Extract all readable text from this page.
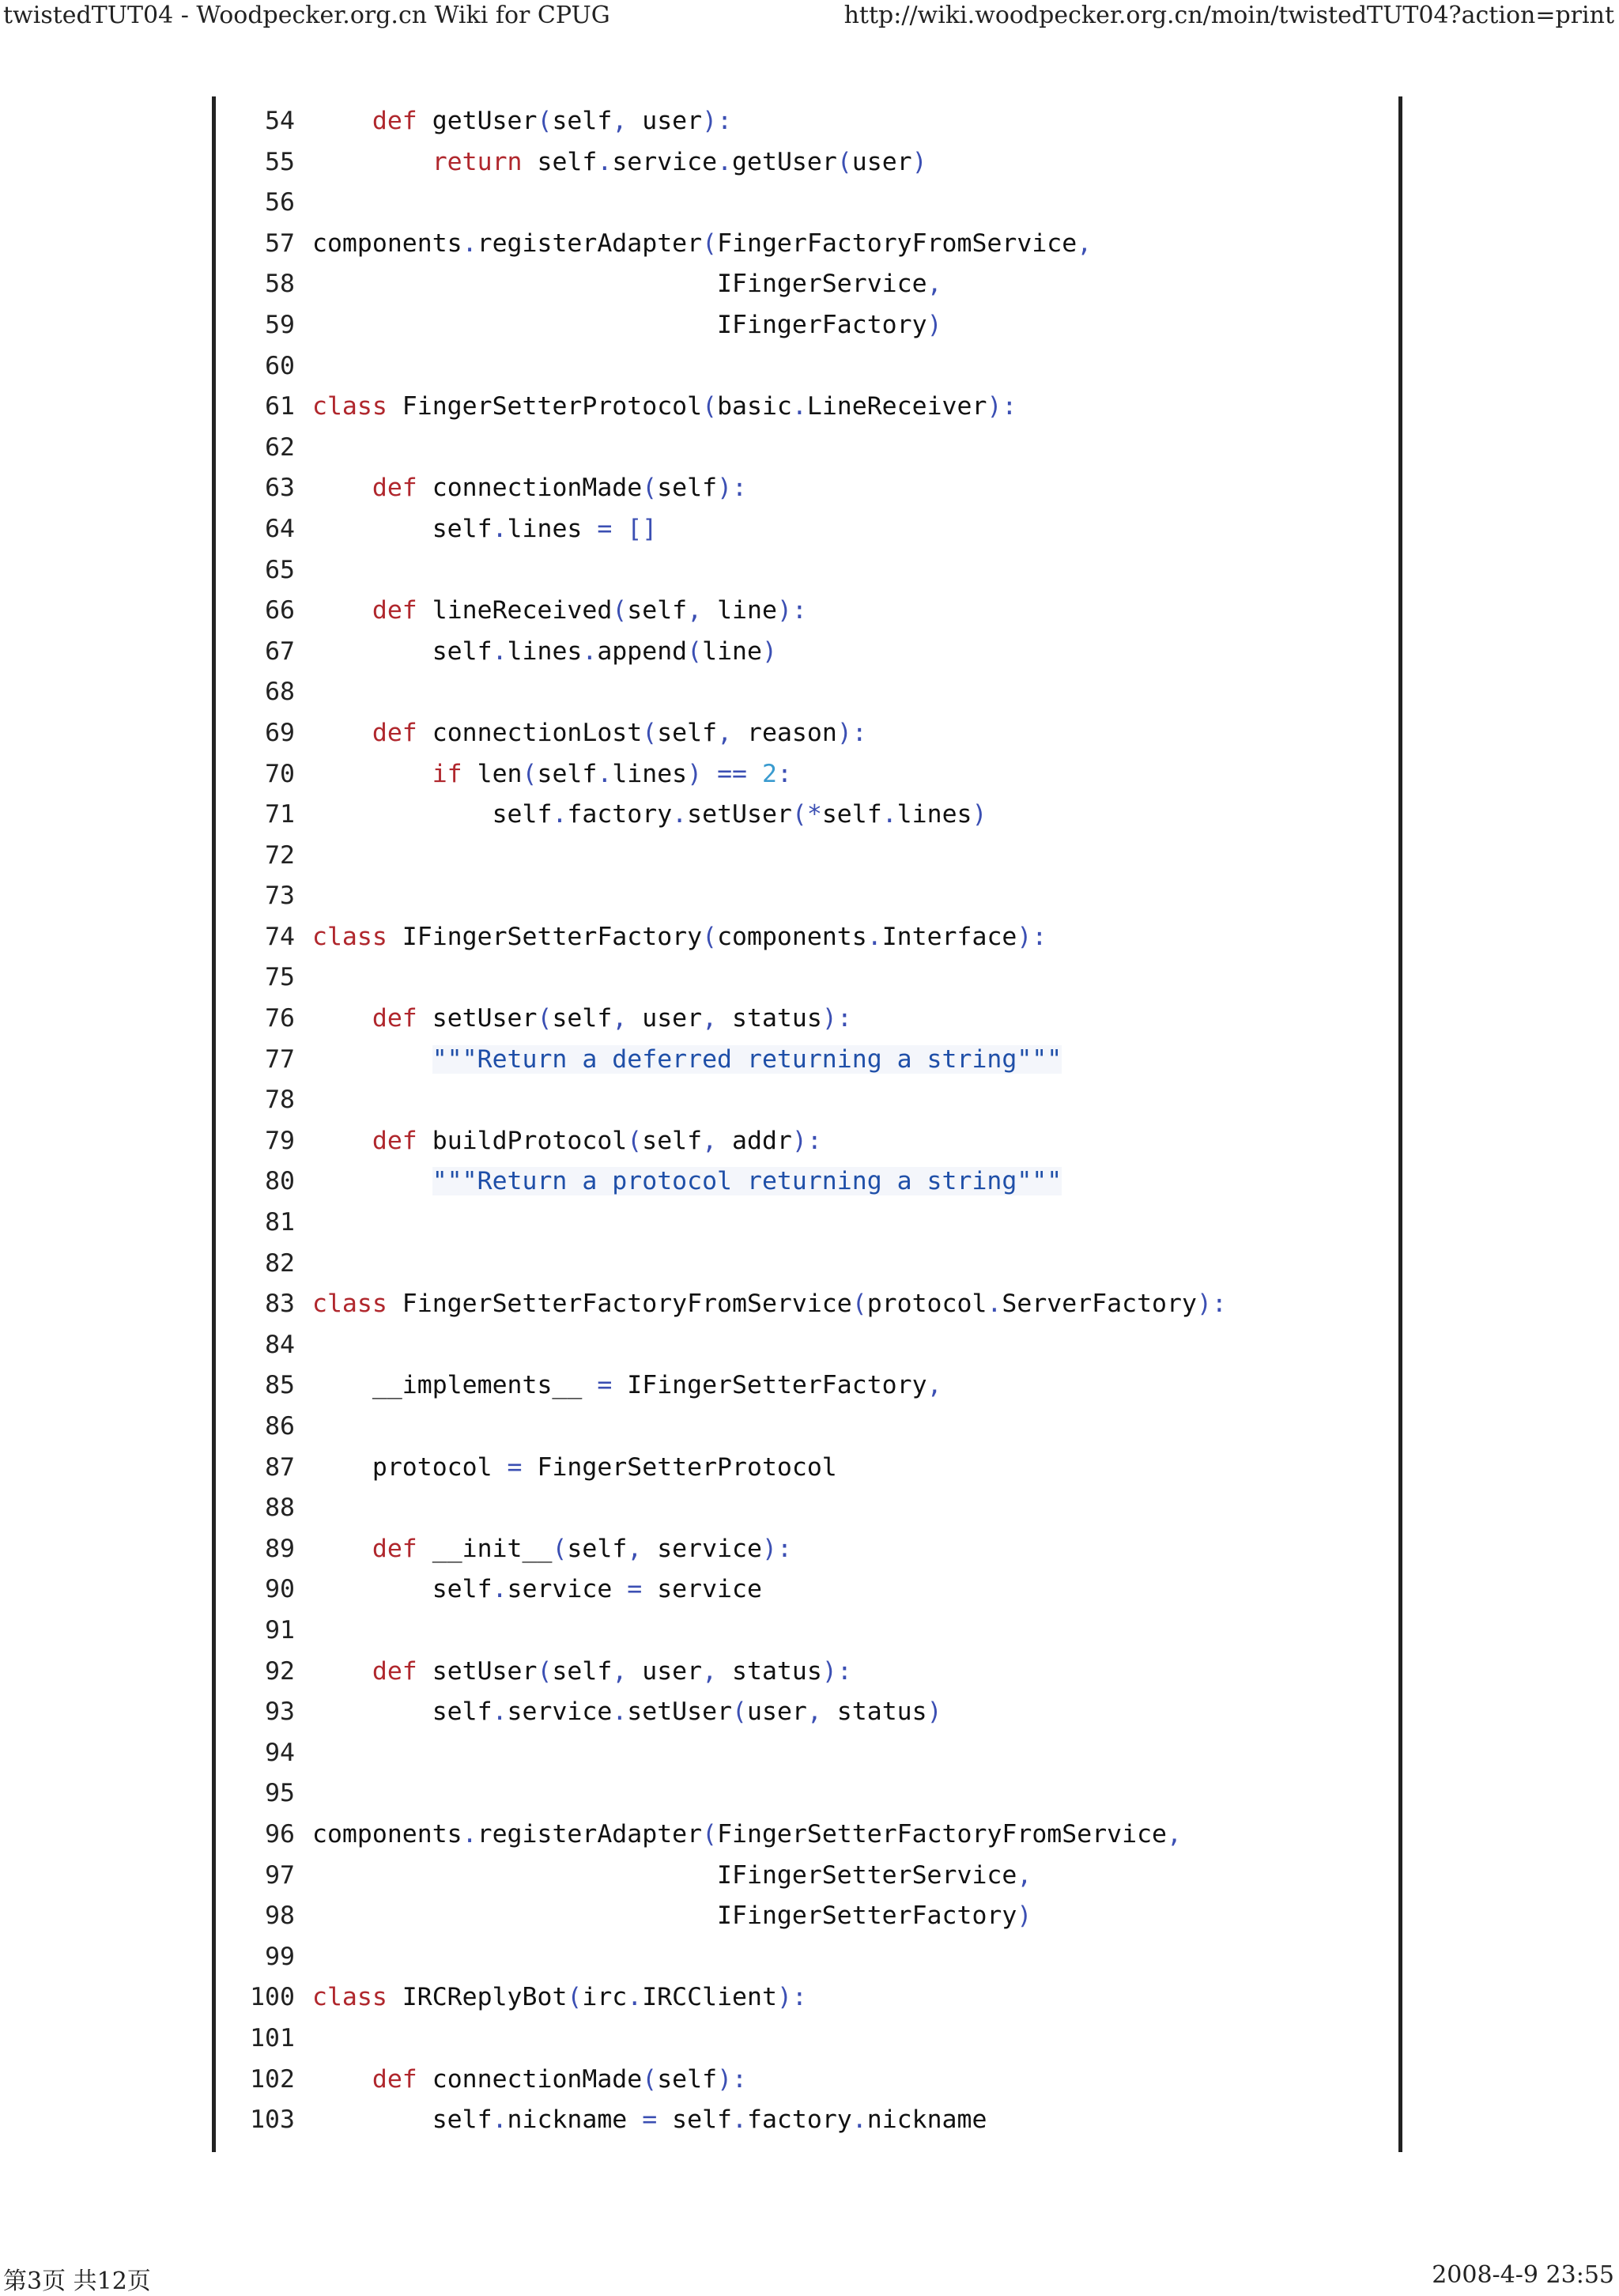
twistedTUT04 - Woodpecker.org.cn Wiki for CPUG	http://wiki.woodpecker.org.cn/moin/twistedTUT04?action=print
54	def getUser(self, user):
55	return self.service.getUser(user)
56
57 components.registerAdapter(FingerFactoryFromService,
58 IFingerService,
59 IFingerFactory)
60
61 class FingerSetterProtocol(basic.LineReceiver):
62
63	def connectionMade(self):
64 self.lines = []
65
66	def lineReceived(self, line):
67 self.lines.append(line)
68
69	def connectionLost(self, reason):
70	if len(self.lines) == 2:
71 self.factory.setUser(*self.lines)
72
73
74 class IFingerSetterFactory(components.Interface):
75
76	def setUser(self, user, status):
77	"""Return a deferred returning a string"""
78
79	def buildProtocol(self, addr):
80	"""Return a protocol returning a string"""
81
82
83 class FingerSetterFactoryFromService(protocol.ServerFactory):
84
85 __implements__ = IFingerSetterFactory,
86
87 protocol = FingerSetterProtocol
88
89	def __init__(self, service):
90 self.service = service
91
92	def setUser(self, user, status):
93 self.service.setUser(user, status)
94
95
96 components.registerAdapter(FingerSetterFactoryFromService,
97 IFingerSetterService,
98 IFingerSetterFactory)
99
100 class IRCReplyBot(irc.IRCClient):
101
102	def connectionMade(self):
103 self.nickname = self.factory.nickname
第3页 共12页	2008-4-9 23:55
